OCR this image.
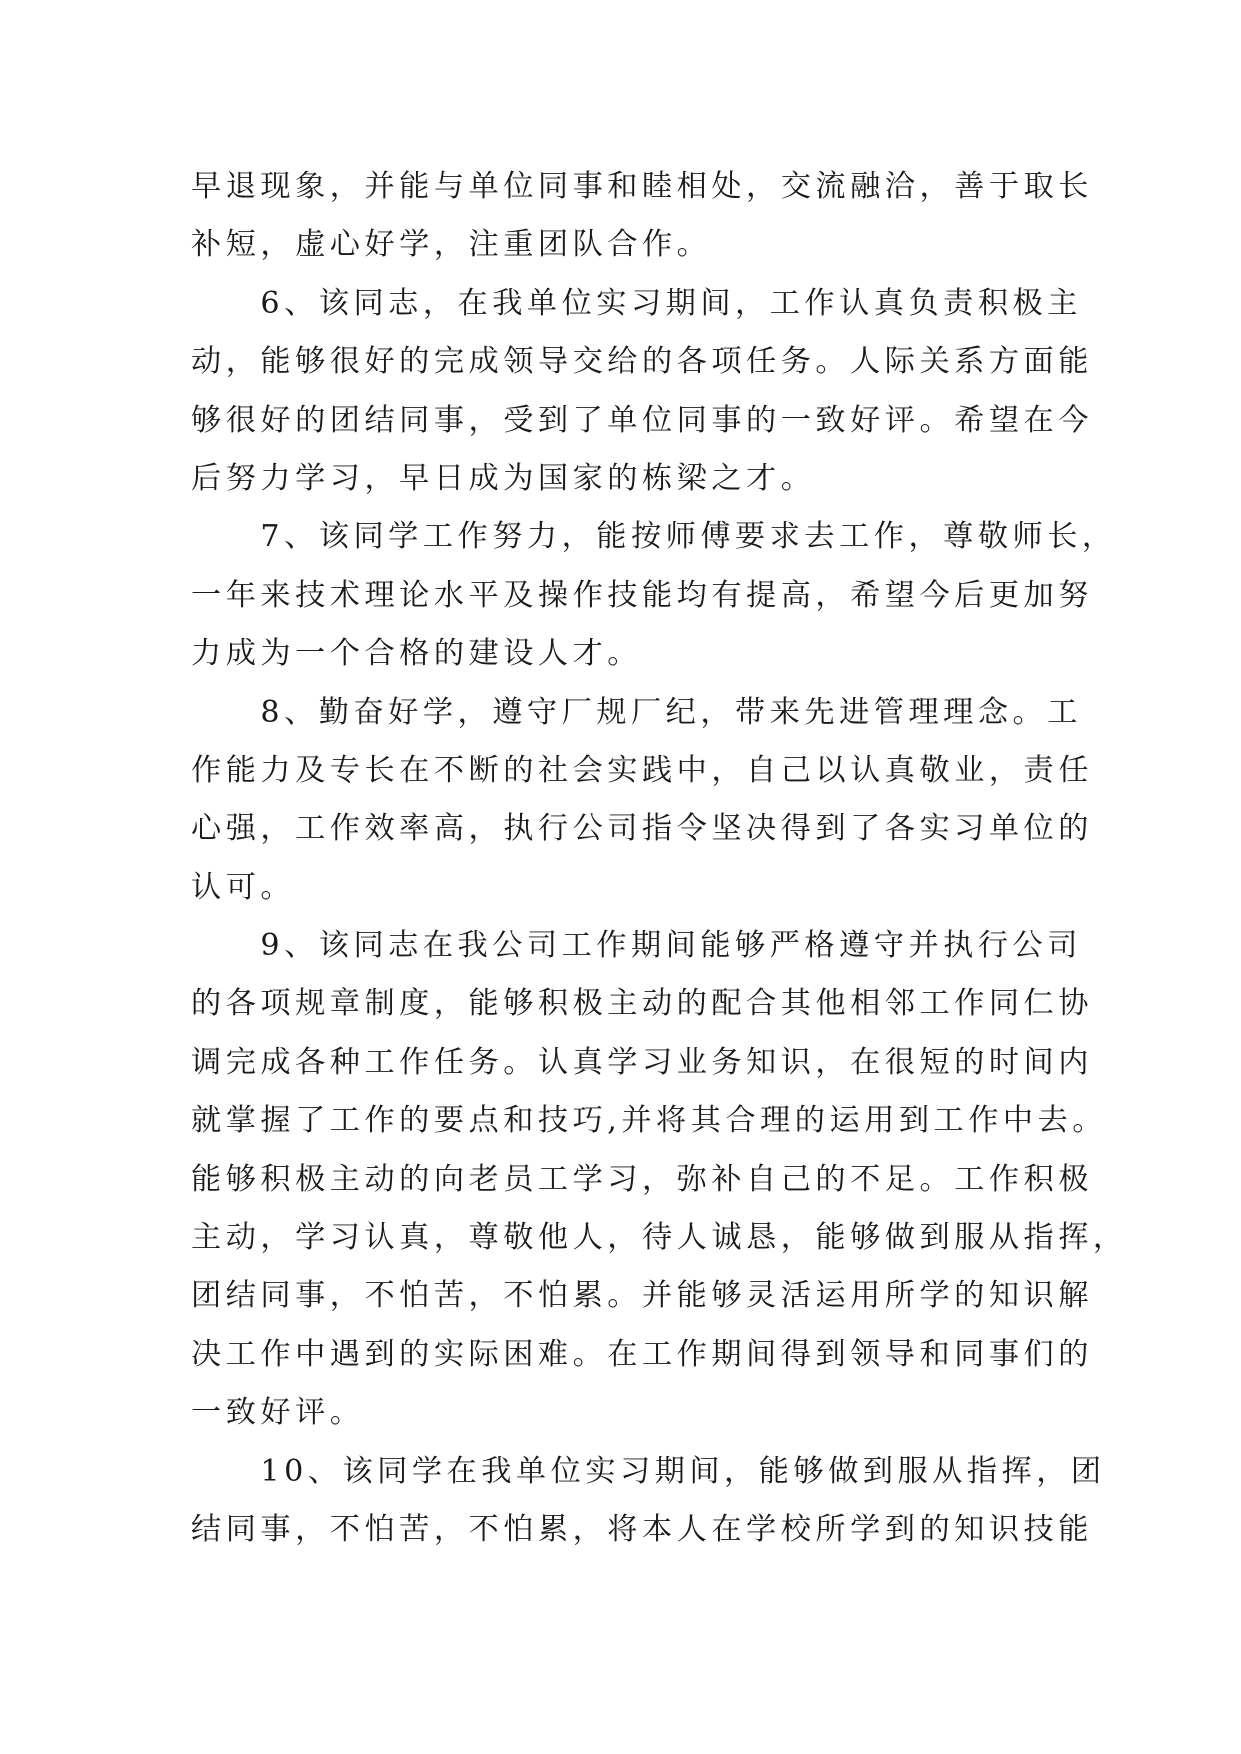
早退现象，并能与单位同事和睦相处，交流融洽，善于取长
补短，虚心好学，注重团队合作。
　　6、该同志，在我单位实习期间，工作认真负责积极主
动，能够很好的完成领导交给的各项任务。人际关系方面能
够很好的团结同事，受到了单位同事的一致好评。希望在今
后努力学习，早日成为国家的栋梁之才。
　　7、该同学工作努力，能按师傅要求去工作，尊敬师长，
一年来技术理论水平及操作技能均有提高，希望今后更加努
力成为一个合格的建设人才。
　　8、勤奋好学，遵守厂规厂纪，带来先进管理理念。工
作能力及专长在不断的社会实践中，自己以认真敬业，责任
心强，工作效率高，执行公司指令坚决得到了各实习单位的
认可。
　　9、该同志在我公司工作期间能够严格遵守并执行公司
的各项规章制度，能够积极主动的配合其他相邻工作同仁协
调完成各种工作任务。认真学习业务知识，在很短的时间内
就掌握了工作的要点和技巧,并将其合理的运用到工作中去。
能够积极主动的向老员工学习，弥补自己的不足。工作积极
主动，学习认真，尊敬他人，待人诚恳，能够做到服从指挥，
团结同事，不怕苦，不怕累。并能够灵活运用所学的知识解
决工作中遇到的实际困难。在工作期间得到领导和同事们的
一致好评。
　　10、该同学在我单位实习期间，能够做到服从指挥，团
结同事，不怕苦，不怕累，将本人在学校所学到的知识技能
